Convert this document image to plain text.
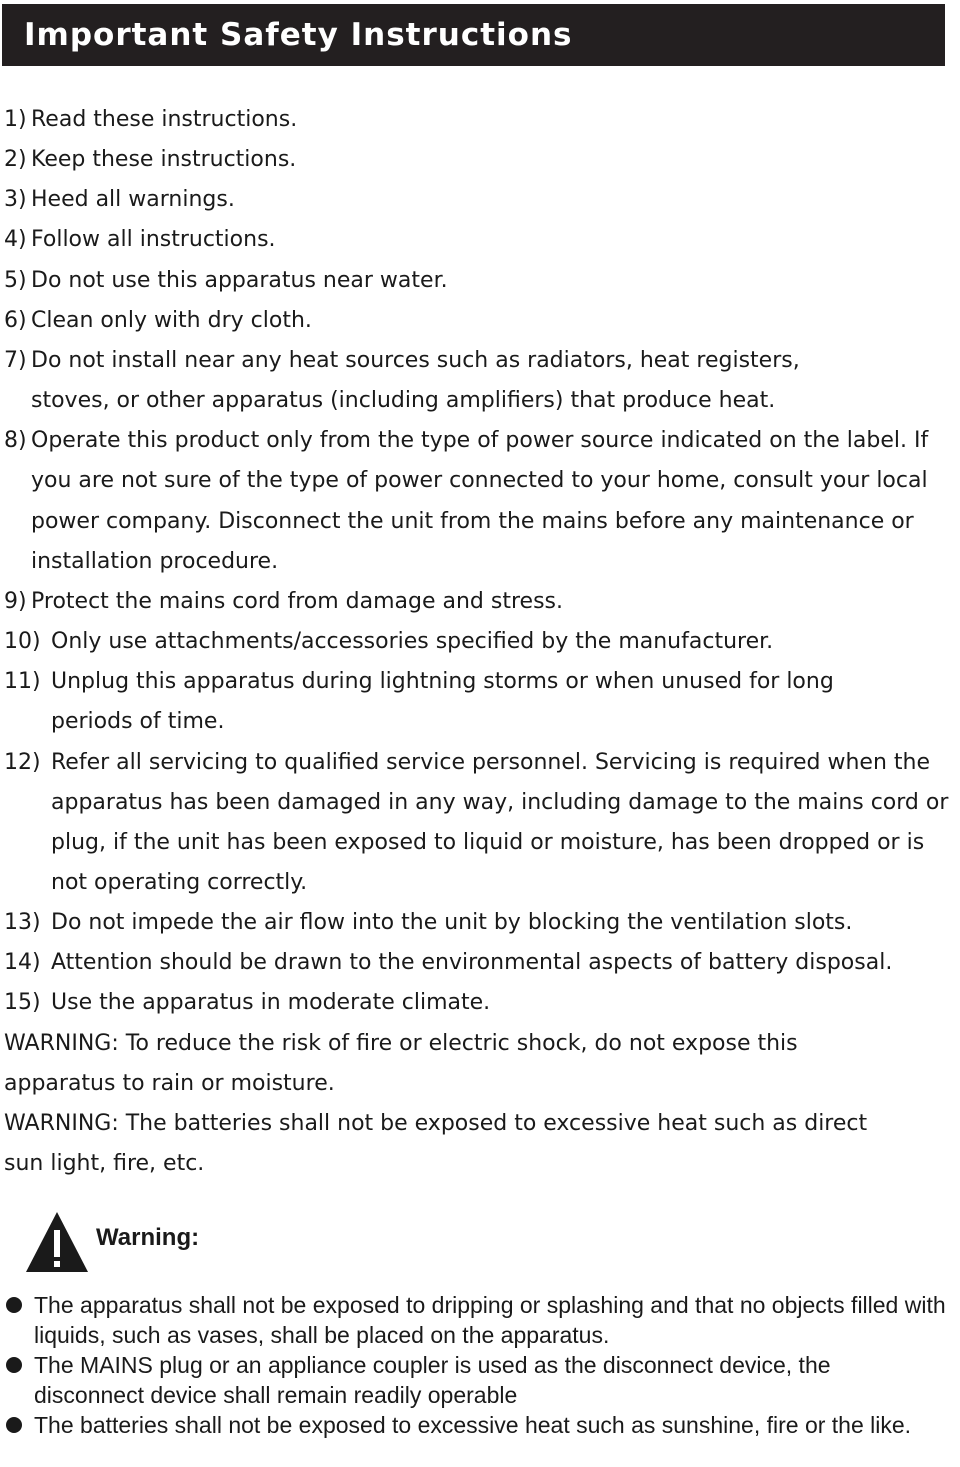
Important Safety Instructions
1) Read these instructions.
2) Keep these instructions.
3) Heed all warnings.
4) Follow all instructions.
5) Do not use this apparatus near water.
6) Clean only with dry cloth.
7) Do not install near any heat sources such as radiators, heat registers, stoves, or other apparatus (including amplifiers) that produce heat.
8) Operate this product only from the type of power source indicated on the label. If you are not sure of the type of power connected to your home, consult your local power company. Disconnect the unit from the mains before any maintenance or installation procedure.
9) Protect the mains cord from damage and stress.
10) Only use attachments/accessories specified by the manufacturer.
11) Unplug this apparatus during lightning storms or when unused for long periods of time.
12) Refer all servicing to qualified service personnel. Servicing is required when the apparatus has been damaged in any way, including damage to the mains cord or plug, if the unit has been exposed to liquid or moisture, has been dropped or is not operating correctly.
13) Do not impede the air flow into the unit by blocking the ventilation slots.
14) Attention should be drawn to the environmental aspects of battery disposal.
15) Use the apparatus in moderate climate.
WARNING: To reduce the risk of fire or electric shock, do not expose this apparatus to rain or moisture.
WARNING: The batteries shall not be exposed to excessive heat such as direct sun light, fire, etc.
Warning:
The apparatus shall not be exposed to dripping or splashing and that no objects filled with liquids, such as vases, shall be placed on the apparatus.
The MAINS plug or an appliance coupler is used as the disconnect device, the disconnect device shall remain readily operable
The batteries shall not be exposed to excessive heat such as sunshine, fire or the like.
